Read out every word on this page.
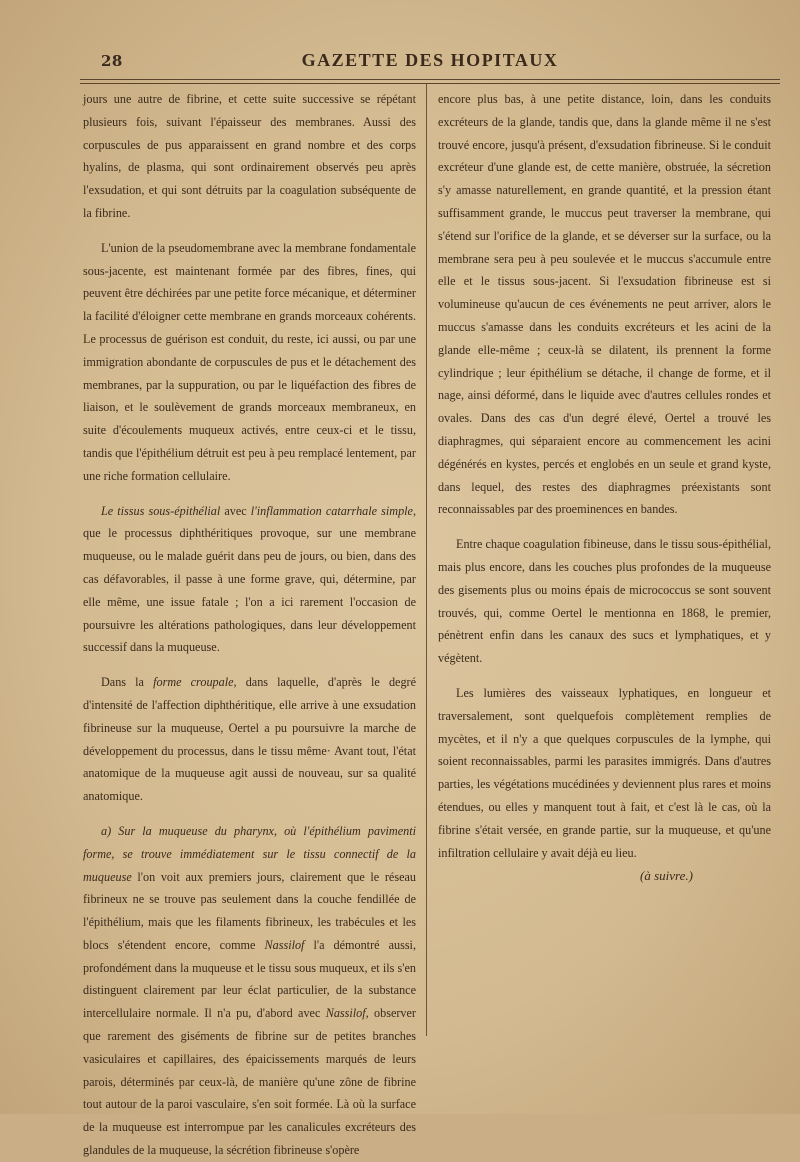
28	GAZETTE DES HOPITAUX

jours une autre de fibrine, et cette suite successive se répétant plusieurs fois, suivant l'épaisseur des membranes. Aussi des corpuscules de pus apparaissent en grand nombre et des corps hyalins, de plasma, qui sont ordinairement observés peu après l'exsudation, et qui sont détruits par la coagulation subséquente de la fibrine.

L'union de la pseudomembrane avec la membrane fondamentale sous-jacente, est maintenant formée par des fibres, fines, qui peuvent être déchirées par une petite force mécanique, et déterminer la facilité d'éloigner cette membrane en grands morceaux cohérents. Le processus de guérison est conduit, du reste, ici aussi, ou par une immigration abondante de corpuscules de pus et le détachement des membranes, par la suppuration, ou par le liquéfaction des fibres de liaison, et le soulèvement de grands morceaux membraneux, en suite d'écoulements muqueux activés, entre ceux-ci et le tissu, tandis que l'épithélium détruit est peu à peu remplacé lentement, par une riche formation cellulaire.

Le tissus sous-épithélial avec l'inflammation catarrhale simple, que le processus diphthéritiques provoque, sur une membrane muqueuse, ou le malade guérit dans peu de jours, ou bien, dans des cas défavorables, il passe à une forme grave, qui, détermine, par elle même, une issue fatale ; l'on a ici rarement l'occasion de poursuivre les altérations pathologiques, dans leur développement successif dans la muqueuse.

Dans la forme croupale, dans laquelle, d'après le degré d'intensité de l'affection diphthéritique, elle arrive à une exsudation fibrineuse sur la muqueuse, Oertel a pu poursuivre la marche de développement du processus, dans le tissu même· Avant tout, l'état anatomique de la muqueuse agit aussi de nouveau, sur sa qualité anatomique.

a) Sur la muqueuse du pharynx, où l'épithélium pavimenti forme, se trouve immédiatement sur le tissu connectif de la muqueuse l'on voit aux premiers jours, clairement que le réseau fibrineux ne se trouve pas seulement dans la couche fendillée de l'épithélium, mais que les filaments fibrineux, les trabécules et les blocs s'étendent encore, comme Nassilof l'a démontré aussi, profondément dans la muqueuse et le tissu sous muqueux, et ils s'en distinguent clairement par leur éclat particulier, de la substance intercellulaire normale. Il n'a pu, d'abord avec Nassilof, observer que rarement des giséments de fibrine sur de petites branches vasiculaires et capillaires, des épaicissements marqués de leurs parois, déterminés par ceux-là, de manière qu'une zône de fibrine tout autour de la paroi vasculaire, s'en soit formée. Là où la surface de la muqueuse est interrompue par les canalicules excréteurs des glandules de la muqueuse, la sécrétion fibrineuse s'opère

encore plus bas, à une petite distance, loin, dans les conduits excréteurs de la glande, tandis que, dans la glande même il ne s'est trouvé encore, jusqu'à présent, d'exsudation fibrineuse. Si le conduit excréteur d'une glande est, de cette manière, obstruée, la sécretion s'y amasse naturellement, en grande quantité, et la pression étant suffisamment grande, le muccus peut traverser la membrane, qui s'étend sur l'orifice de la glande, et se déverser sur la surface, ou la membrane sera peu à peu soulevée et le muccus s'accumule entre elle et le tissus sous-jacent. Si l'exsudation fibrineuse est si volumineuse qu'aucun de ces événements ne peut arriver, alors le muccus s'amasse dans les conduits excréteurs et les acini de la glande elle-même ; ceux-là se dilatent, ils prennent la forme cylindrique ; leur épithélium se détache, il change de forme, et il nage, ainsi déformé, dans le liquide avec d'autres cellules rondes et ovales. Dans des cas d'un degré élevé, Oertel a trouvé les diaphragmes, qui séparaient encore au commencement les acini dégénérés en kystes, percés et englobés en un seule et grand kyste, dans lequel, des restes des diaphragmes préexistants sont reconnaissables par des proeminences en bandes.

Entre chaque coagulation fibineuse, dans le tissu sous-épithélial, mais plus encore, dans les couches plus profondes de la muqueuse des gisements plus ou moins épais de micrococcus se sont souvent trouvés, qui, comme Oertel le mentionna en 1868, le premier, pénètrent enfin dans les canaux des sucs et lymphatiques, et y végètent.

Les lumières des vaisseaux lyphatiques, en longueur et traversalement, sont quelquefois complètement remplies de mycètes, et il n'y a que quelques corpuscules de la lymphe, qui soient reconnaissables, parmi les parasites immigrés. Dans d'autres parties, les végétations mucédinées y deviennent plus rares et moins étendues, ou elles y manquent tout à fait, et c'est là le cas, où la fibrine s'était versée, en grande partie, sur la muqueuse, et qu'une infiltration cellulaire y avait déjà eu lieu.

(à suivre.)
